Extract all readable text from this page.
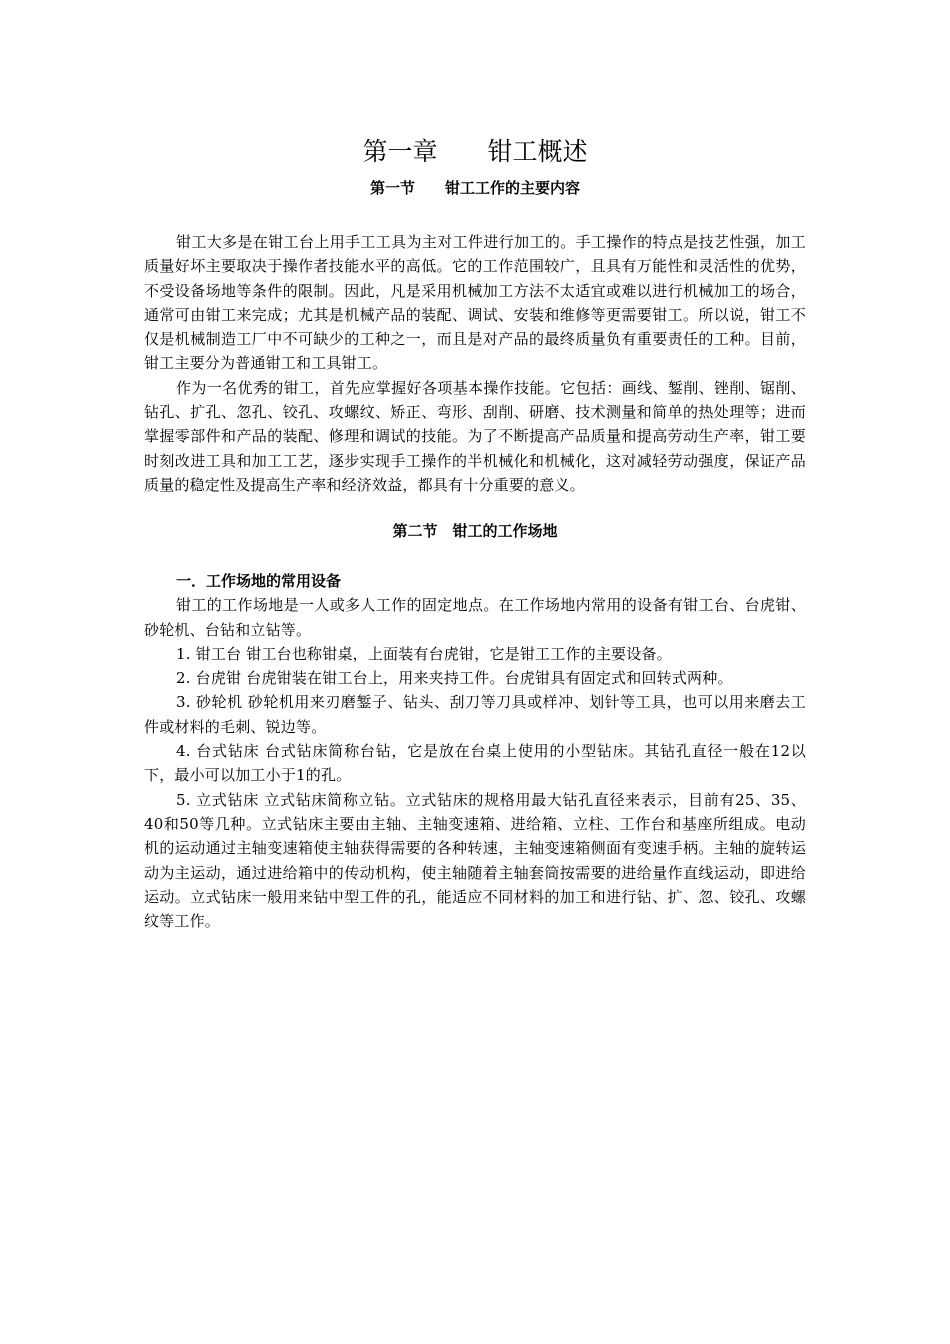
第一章　　钳工概述
第一节　　钳工工作的主要内容

钳工大多是在钳工台上用手工工具为主对工件进行加工的。手工操作的特点是技艺性强，加工质量好坏主要取决于操作者技能水平的高低。它的工作范围较广，且具有万能性和灵活性的优势，不受设备场地等条件的限制。因此，凡是采用机械加工方法不太适宜或难以进行机械加工的场合，通常可由钳工来完成；尤其是机械产品的装配、调试、安装和维修等更需要钳工。所以说，钳工不仅是机械制造工厂中不可缺少的工种之一，而且是对产品的最终质量负有重要责任的工种。目前，钳工主要分为普通钳工和工具钳工。

作为一名优秀的钳工，首先应掌握好各项基本操作技能。它包括：画线、錾削、锉削、锯削、钻孔、扩孔、忽孔、铰孔、攻螺纹、矫正、弯形、刮削、研磨、技术测量和简单的热处理等；进而掌握零部件和产品的装配、修理和调试的技能。为了不断提高产品质量和提高劳动生产率，钳工要时刻改进工具和加工工艺，逐步实现手工操作的半机械化和机械化，这对减轻劳动强度，保证产品质量的稳定性及提高生产率和经济效益，都具有十分重要的意义。

第二节　钳工的工作场地
一．工作场地的常用设备

钳工的工作场地是一人或多人工作的固定地点。在工作场地内常用的设备有钳工台、台虎钳、砂轮机、台钻和立钻等。

1. 钳工台 钳工台也称钳桌，上面装有台虎钳，它是钳工工作的主要设备。

2. 台虎钳 台虎钳装在钳工台上，用来夹持工件。台虎钳具有固定式和回转式两种。

3. 砂轮机 砂轮机用来刃磨錾子、钻头、刮刀等刀具或样冲、划针等工具，也可以用来磨去工件或材料的毛刺、锐边等。

4. 台式钻床 台式钻床简称台钻，它是放在台桌上使用的小型钻床。其钻孔直径一般在12以下，最小可以加工小于1的孔。

5. 立式钻床 立式钻床简称立钻。立式钻床的规格用最大钻孔直径来表示，目前有25、35、40和50等几种。立式钻床主要由主轴、主轴变速箱、进给箱、立柱、工作台和基座所组成。电动机的运动通过主轴变速箱使主轴获得需要的各种转速，主轴变速箱侧面有变速手柄。主轴的旋转运动为主运动，通过进给箱中的传动机构，使主轴随着主轴套筒按需要的进给量作直线运动，即进给运动。立式钻床一般用来钻中型工件的孔，能适应不同材料的加工和进行钻、扩、忽、铰孔、攻螺纹等工作。
